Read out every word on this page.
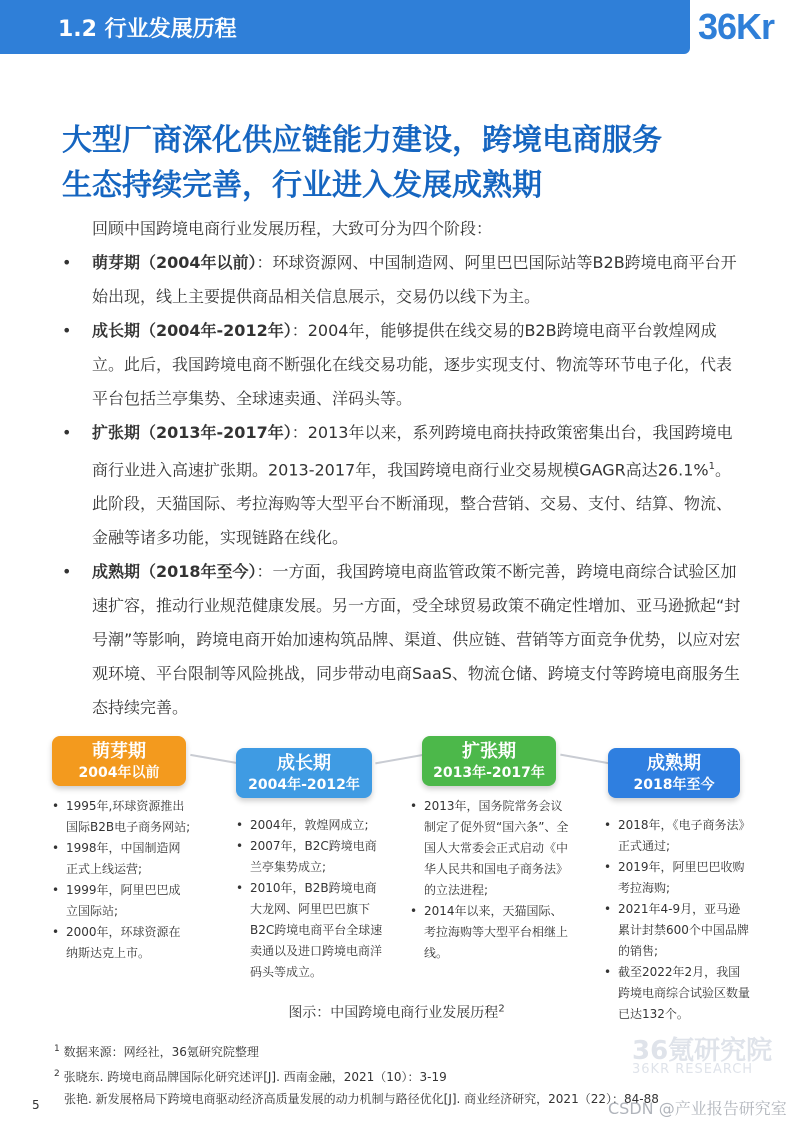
1.2 行业发展历程	36Kr
大型厂商深化供应链能力建设，跨境电商服务
生态持续完善，行业进入发展成熟期
回顾中国跨境电商行业发展历程，大致可分为四个阶段：
• 萌芽期（2004年以前）：环球资源网、中国制造网、阿里巴巴国际站等B2B跨境电商平台开始出现，线上主要提供商品相关信息展示，交易仍以线下为主。
• 成长期（2004年-2012年）：2004年，能够提供在线交易的B2B跨境电商平台敦煌网成立。此后，我国跨境电商不断强化在线交易功能，逐步实现支付、物流等环节电子化，代表平台包括兰亭集势、全球速卖通、洋码头等。
• 扩张期（2013年-2017年）：2013年以来，系列跨境电商扶持政策密集出台，我国跨境电商行业进入高速扩张期。2013-2017年，我国跨境电商行业交易规模GAGR高达26.1%$^1$。此阶段，天猫国际、考拉海购等大型平台不断涌现，整合营销、交易、支付、结算、物流、金融等诸多功能，实现链路在线化。
• 成熟期（2018年至今）：一方面，我国跨境电商监管政策不断完善，跨境电商综合试验区加速扩容，推动行业规范健康发展。另一方面，受全球贸易政策不确定性增加、亚马逊掀起“封号潮”等影响，跨境电商开始加速构筑品牌、渠道、供应链、营销等方面竞争优势，以应对宏观环境、平台限制等风险挑战，同步带动电商SaaS、物流仓储、跨境支付等跨境电商服务生态持续完善。
萌芽期
2004年以前	成长期
2004年-2012年
扩张期
2013年-2017年	成熟期
2018年至今
• 1995年,环球资源推出国际B2B电子商务网站;
• 1998年，中国制造网正式上线运营;
• 1999年，阿里巴巴成立国际站;
• 2000年，环球资源在纳斯达克上市。
• 2004年，敦煌网成立;
• 2007年，B2C跨境电商兰亭集势成立;
• 2010年，B2B跨境电商大龙网、阿里巴巴旗下B2C跨境电商平台全球速卖通以及进口跨境电商洋码头等成立。
• 2013年，国务院常务会议制定了促外贸“国六条”、全国人大常委会正式启动《中华人民共和国电子商务法》的立法进程;
• 2014年以来，天猫国际、考拉海购等大型平台相继上线。
• 2018年，《电子商务法》正式通过;
• 2019年，阿里巴巴收购考拉海购;
• 2021年4-9月，亚马逊累计封禁600个中国品牌的销售;
• 截至2022年2月，我国跨境电商综合试验区数量已达132个。
图示：中国跨境电商行业发展历程$^2$
36氪研究院
36KR RESEARCH
$^1$ 数据来源：网经社，36氪研究院整理
$^2$ 张晓东. 跨境电商品牌国际化研究述评[J]. 西南金融，2021（10）：3-19
张艳. 新发展格局下跨境电商驱动经济高质量发展的动力机制与路径优化[J]. 商业经济研究，2021（22）：84-88
5	CSDN @产业报告研究室
